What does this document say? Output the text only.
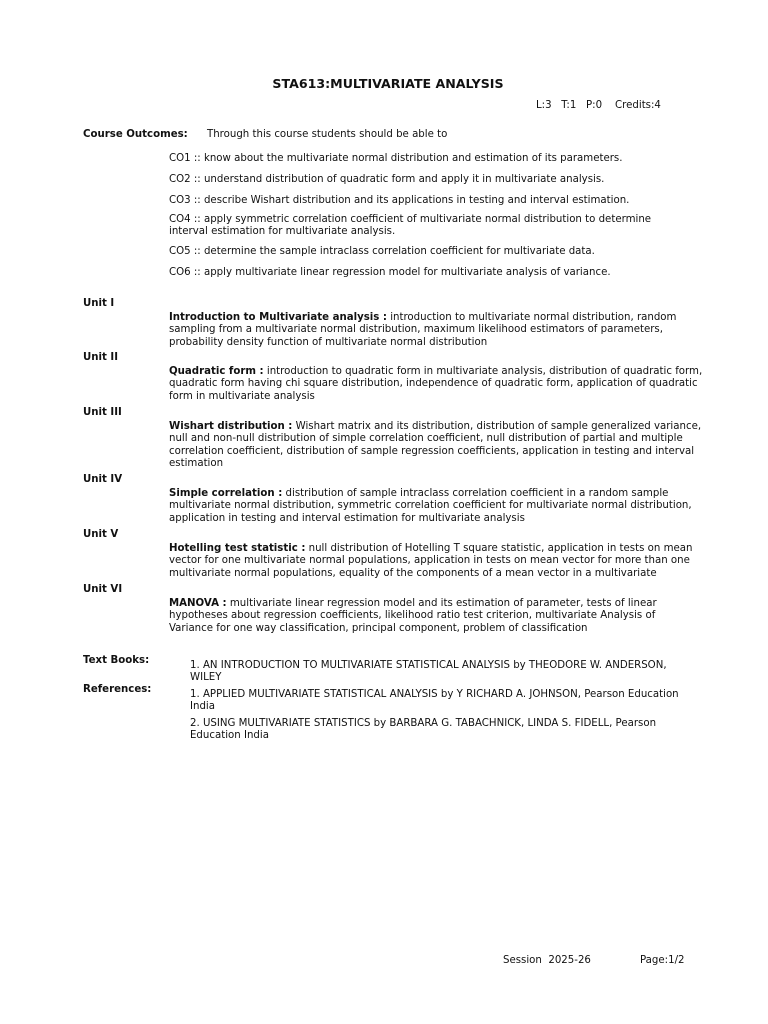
STA613:MULTIVARIATE ANALYSIS
L:3   T:1   P:0    Credits:4
Course Outcomes: Through this course students should be able to
CO1 :: know about the multivariate normal distribution and estimation of its parameters.
CO2 :: understand distribution of quadratic form and apply it in multivariate analysis.
CO3 :: describe Wishart distribution and its applications in testing and interval estimation.
CO4 :: apply symmetric correlation coefficient of multivariate normal distribution to determine interval estimation for multivariate analysis.
CO5 :: determine the sample intraclass correlation coefficient for multivariate data.
CO6 :: apply multivariate linear regression model for multivariate analysis of variance.
Unit I
Introduction to Multivariate analysis : introduction to multivariate normal distribution, random sampling from a multivariate normal distribution, maximum likelihood estimators of parameters, probability density function of multivariate normal distribution
Unit II
Quadratic form : introduction to quadratic form in multivariate analysis, distribution of quadratic form, quadratic form having chi square distribution, independence of quadratic form, application of quadratic form in multivariate analysis
Unit III
Wishart distribution : Wishart matrix and its distribution, distribution of sample generalized variance, null and non-null distribution of simple correlation coefficient, null distribution of partial and multiple correlation coefficient, distribution of sample regression coefficients, application in testing and interval estimation
Unit IV
Simple correlation : distribution of sample intraclass correlation coefficient in a random sample multivariate normal distribution, symmetric correlation coefficient for multivariate normal distribution, application in testing and interval estimation for multivariate analysis
Unit V
Hotelling test statistic : null distribution of Hotelling T square statistic, application in tests on mean vector for one multivariate normal populations, application in tests on mean vector for more than one multivariate normal populations, equality of the components of a mean vector in a multivariate
Unit VI
MANOVA : multivariate linear regression model and its estimation of parameter, tests of linear hypotheses about regression coefficients, likelihood ratio test criterion, multivariate Analysis of Variance for one way classification, principal component, problem of classification
Text Books:	1. AN INTRODUCTION TO MULTIVARIATE STATISTICAL ANALYSIS by THEODORE W. ANDERSON, WILEY
References:	1. APPLIED MULTIVARIATE STATISTICAL ANALYSIS by Y RICHARD A. JOHNSON, Pearson Education India
2. USING MULTIVARIATE STATISTICS by BARBARA G. TABACHNICK, LINDA S. FIDELL, Pearson Education India
Session  2025-26	Page:1/2
